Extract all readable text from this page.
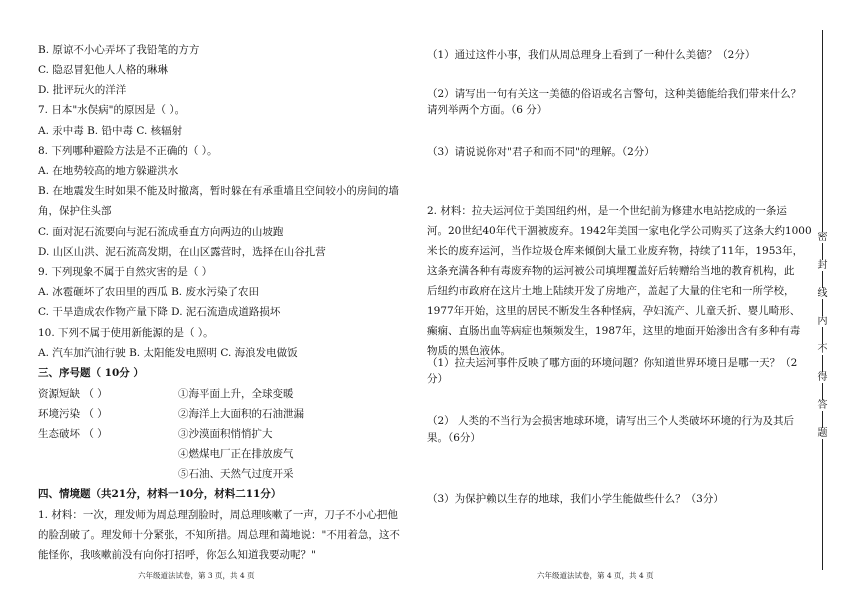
B. 原谅不小心弄坏了我铅笔的方方
C. 隐忍冒犯他人人格的琳琳
D. 批评玩火的洋洋
7. 日本"水俣病"的原因是（ ）。
A. 汞中毒 B. 铅中毒 C. 核辐射
8. 下列哪种避险方法是不正确的（ ）。
A. 在地势较高的地方躲避洪水
B. 在地震发生时如果不能及时撤离，暂时躲在有承重墙且空间较小的房间的墙
角，保护住头部
C. 面对泥石流要向与泥石流成垂直方向两边的山坡跑
D. 山区山洪、泥石流高发期，在山区露营时，选择在山谷扎营
9. 下列现象不属于自然灾害的是（ ）
A. 冰雹砸坏了农田里的西瓜 B. 废水污染了农田
C. 干旱造成农作物产量下降 D. 泥石流造成道路损坏
10. 下列不属于使用新能源的是（ ）。
A. 汽车加汽油行驶 B. 太阳能发电照明 C. 海浪发电做饭
三、序号题（ 10分 ）
资源短缺 （ ）
环境污染 （ ）
生态破坏 （ ）
①海平面上升，全球变暖
②海洋上大面积的石油泄漏
③沙漠面积悄悄扩大
④燃煤电厂正在排放废气
⑤石油、天然气过度开采
四、情境题（共21分，材料一10分，材料二11分）
1. 材料：一次，理发师为周总理刮脸时，周总理咳嗽了一声，刀子不小心把他
的脸刮破了。理发师十分紧张，不知所措。周总理和蔼地说："不用着急，这不
能怪你，我咳嗽前没有向你打招呼，你怎么知道我要动呢？"
六年级道法试卷，第 3 页，共 4 页
（1）通过这件小事，我们从周总理身上看到了一种什么美德？（2分）
（2）请写出一句有关这一美德的俗语或名言警句，这种美德能给我们带来什么？
请列举两个方面。（6 分）
（3）请说说你对"君子和而不同"的理解。（2分）
2. 材料：拉夫运河位于美国纽约州，是一个世纪前为修建水电站挖成的一条运
河。20世纪40年代干涸被废弃。1942年美国一家电化学公司购买了这条大约1000
米长的废弃运河，当作垃圾仓库来倾倒大量工业废弃物，持续了11年，1953年，
这条充满各种有毒废弃物的运河被公司填埋覆盖好后转赠给当地的教育机构，此
后纽约市政府在这片土地上陆续开发了房地产，盖起了大量的住宅和一所学校，
1977年开始，这里的居民不断发生各种怪病，孕妇流产、儿童夭折、婴儿畸形、
癫痫、直肠出血等病症也频频发生，1987年，这里的地面开始渗出含有多种有毒
物质的黑色液体。
（1）拉夫运河事件反映了哪方面的环境问题？你知道世界环境日是哪一天？（2
分）
（2） 人类的不当行为会损害地球环境，请写出三个人类破坏环境的行为及其后
果。（6分）
（3）为保护赖以生存的地球，我们小学生能做些什么？（3分）
六年级道法试卷，第 4 页，共 4 页
密
封
线
内
不
得
答
题
